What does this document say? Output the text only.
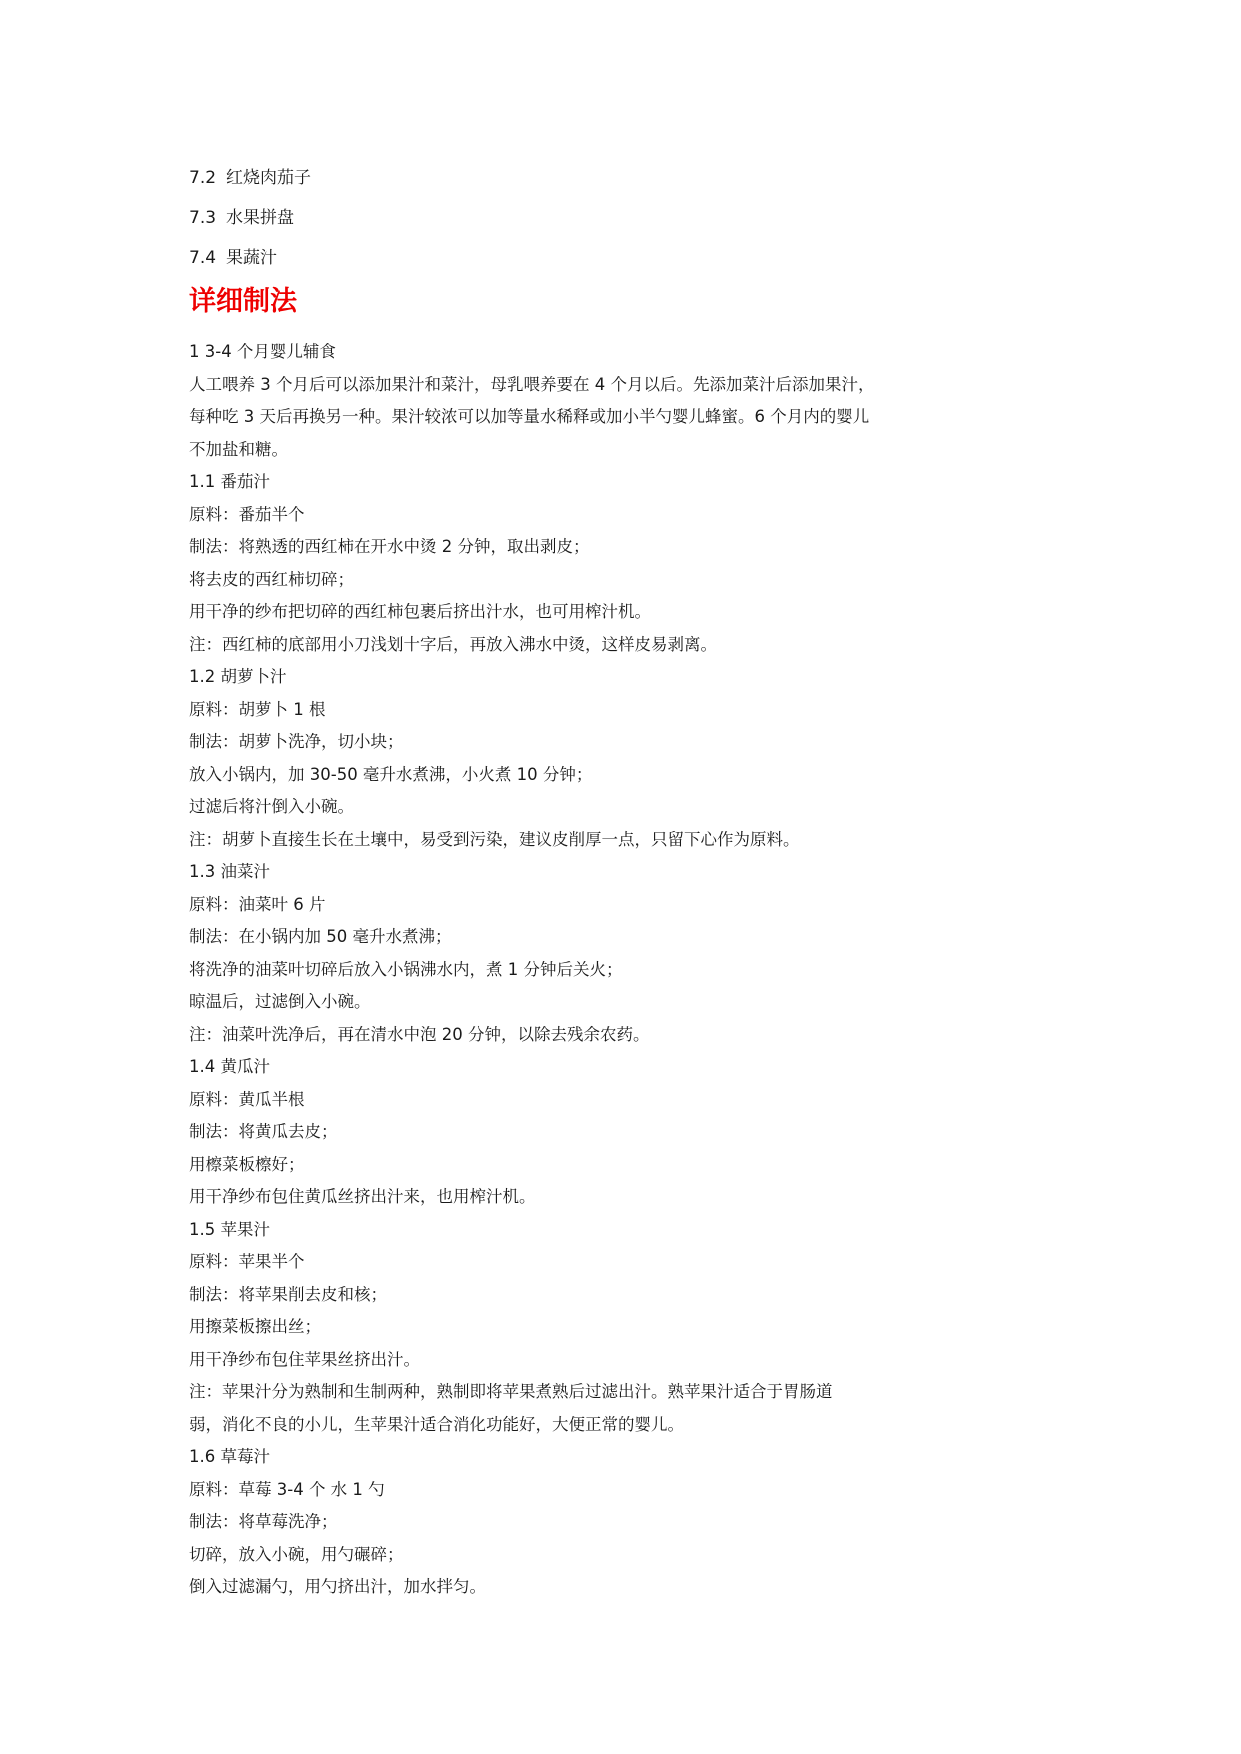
7.2 红烧肉茄子
7.3 水果拼盘
7.4 果蔬汁
详细制法
1 3-4 个月婴儿辅食
人工喂养 3 个月后可以添加果汁和菜汁，母乳喂养要在 4 个月以后。先添加菜汁后添加果汁，
每种吃 3 天后再换另一种。果汁较浓可以加等量水稀释或加小半勺婴儿蜂蜜。6 个月内的婴儿
不加盐和糖。
1.1 番茄汁
原料：番茄半个
制法：将熟透的西红柿在开水中烫 2 分钟，取出剥皮；
将去皮的西红柿切碎；
用干净的纱布把切碎的西红柿包裹后挤出汁水，也可用榨汁机。
注：西红柿的底部用小刀浅划十字后，再放入沸水中烫，这样皮易剥离。
1.2 胡萝卜汁
原料：胡萝卜 1 根
制法：胡萝卜洗净，切小块；
放入小锅内，加 30-50 毫升水煮沸，小火煮 10 分钟；
过滤后将汁倒入小碗。
注：胡萝卜直接生长在土壤中，易受到污染，建议皮削厚一点，只留下心作为原料。
1.3 油菜汁
原料：油菜叶 6 片
制法：在小锅内加 50 毫升水煮沸；
将洗净的油菜叶切碎后放入小锅沸水内，煮 1 分钟后关火；
晾温后，过滤倒入小碗。
注：油菜叶洗净后，再在清水中泡 20 分钟，以除去残余农药。
1.4 黄瓜汁
原料：黄瓜半根
制法：将黄瓜去皮；
用檫菜板檫好；
用干净纱布包住黄瓜丝挤出汁来，也用榨汁机。
1.5 苹果汁
原料：苹果半个
制法：将苹果削去皮和核；
用擦菜板擦出丝；
用干净纱布包住苹果丝挤出汁。
注：苹果汁分为熟制和生制两种，熟制即将苹果煮熟后过滤出汁。熟苹果汁适合于胃肠道
弱，消化不良的小儿，生苹果汁适合消化功能好，大便正常的婴儿。
1.6 草莓汁
原料：草莓 3-4 个 水 1 勺
制法：将草莓洗净；
切碎，放入小碗，用勺碾碎；
倒入过滤漏勺，用勺挤出汁，加水拌匀。
